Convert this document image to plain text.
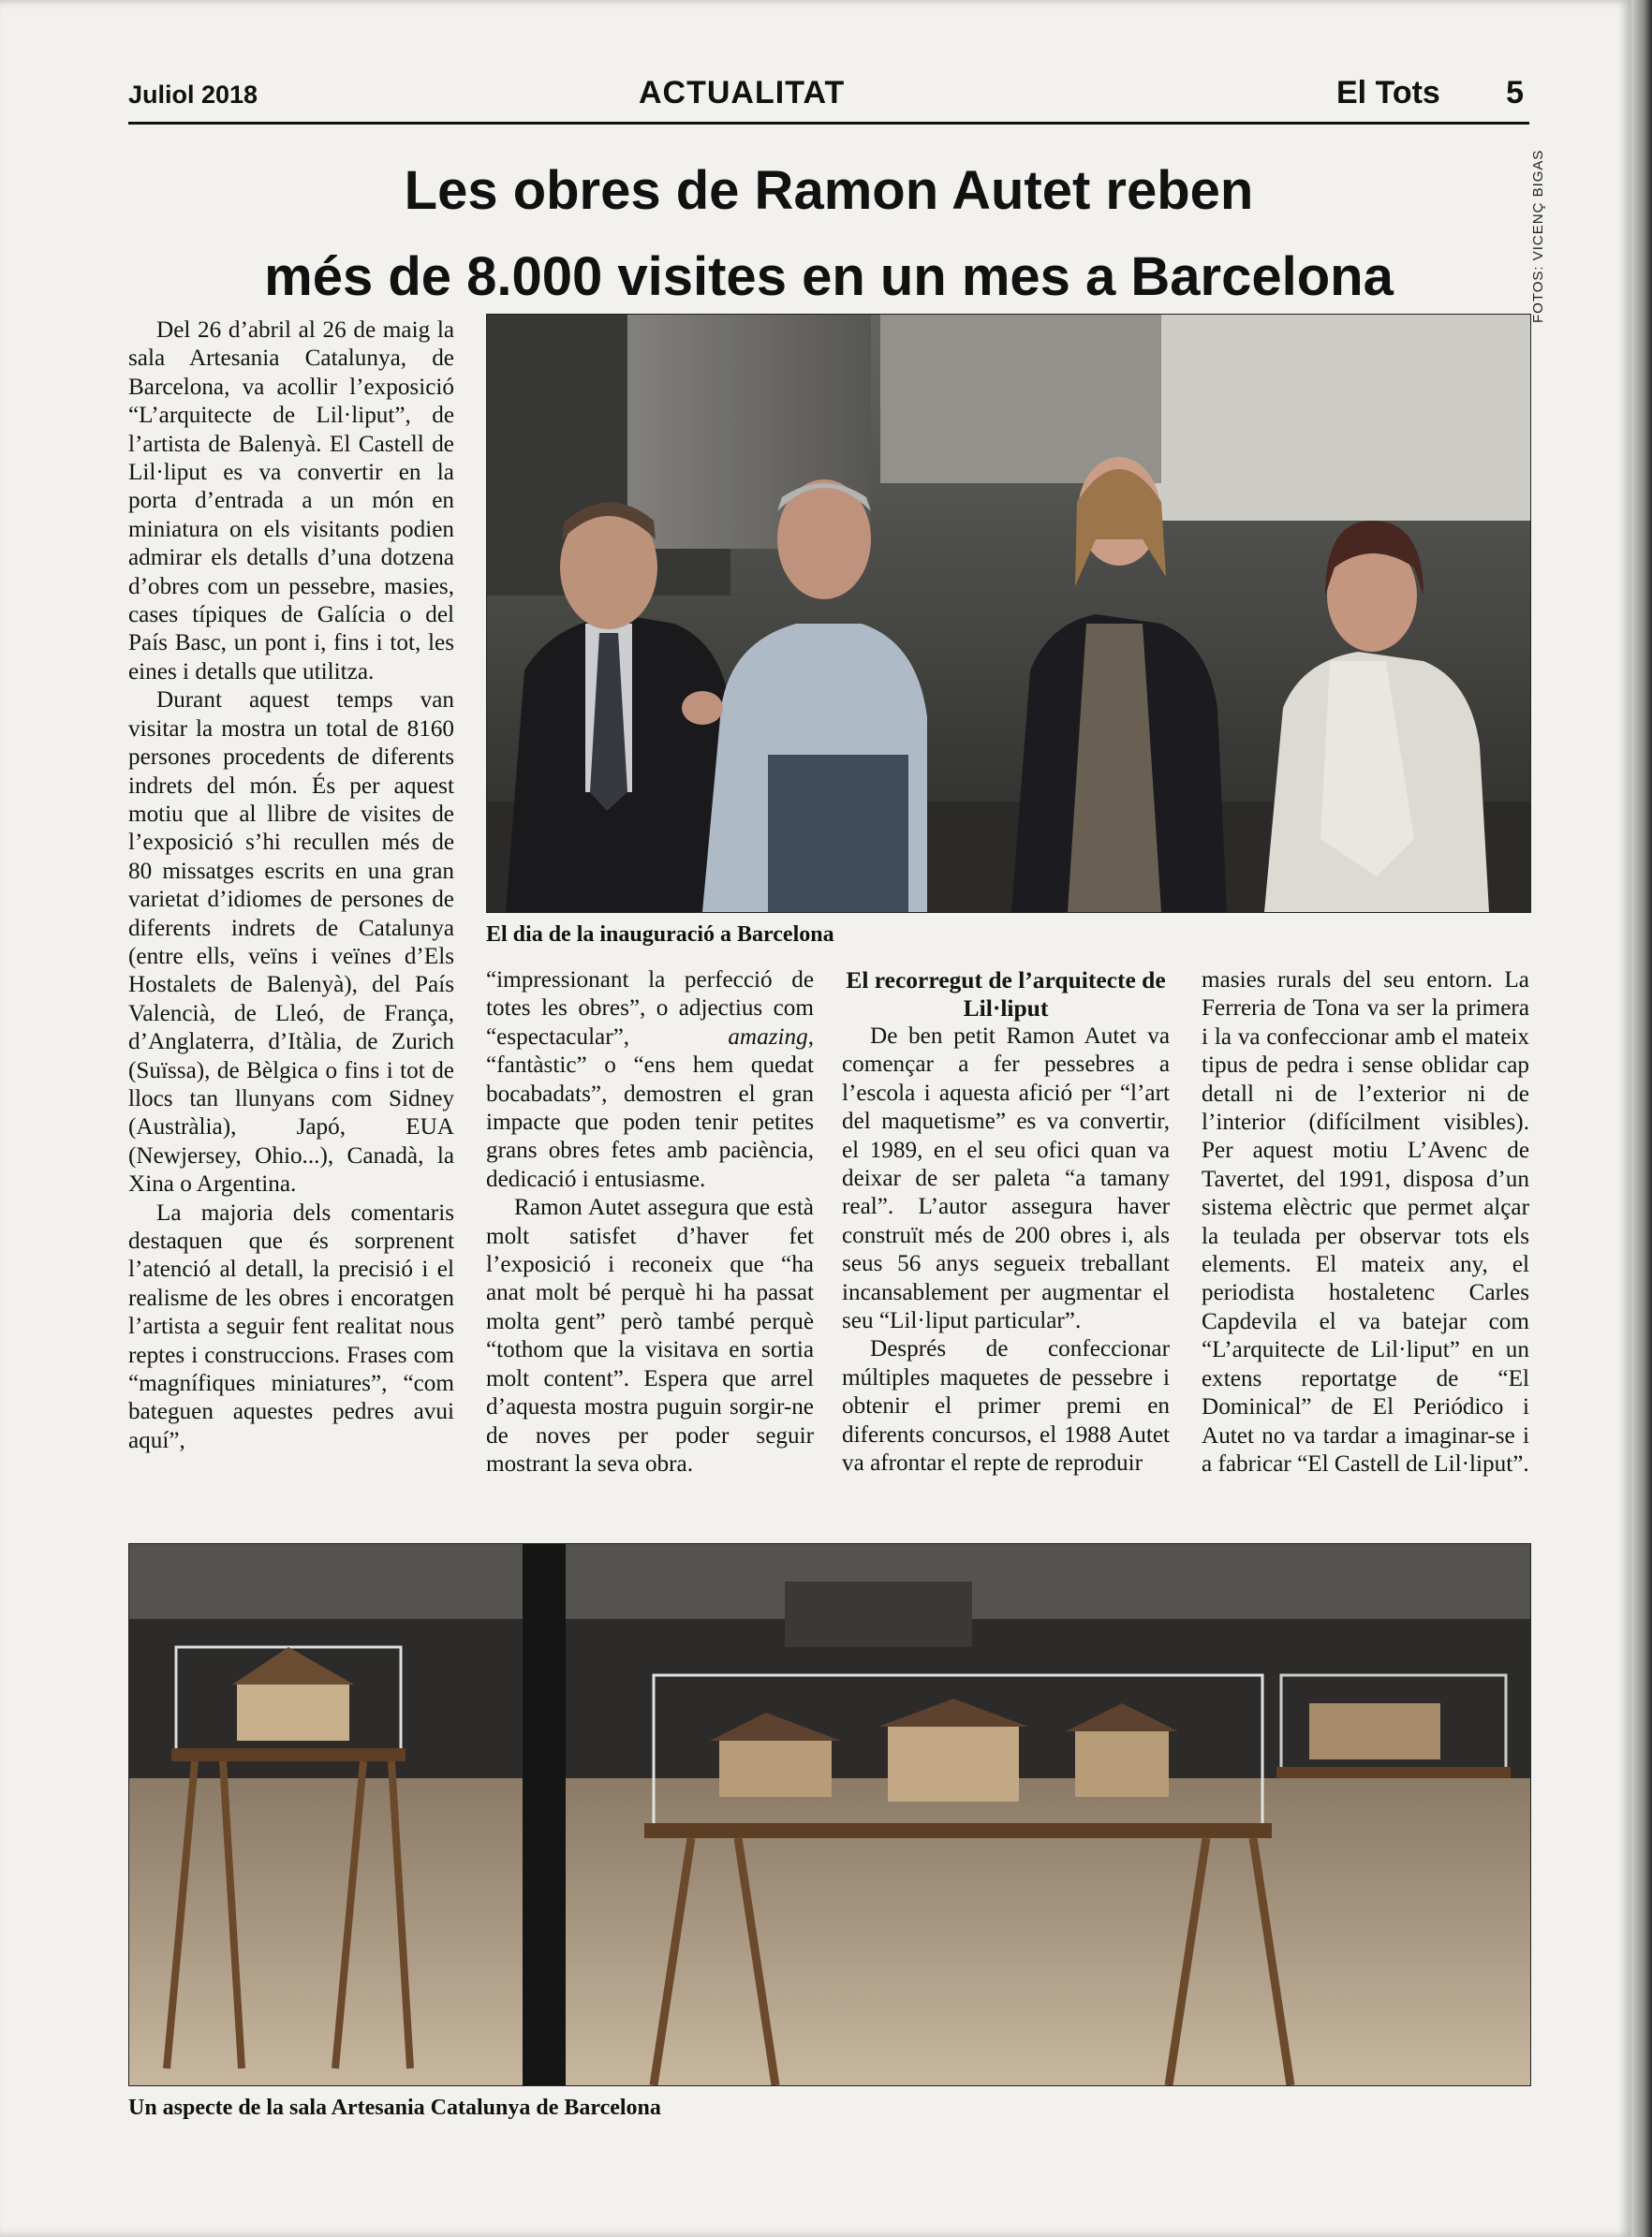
Juliol 2018	ACTUALITAT	El Tots 5
Les obres de Ramon Autet reben
més de 8.000 visites en un mes a Barcelona

Del 26 d’abril al 26 de maig la sala Artesania Catalunya, de Barcelona, va acollir l’exposició “L’arquitecte de Lil·liput”, de l’artista de Balenyà. El Castell de Lil·liput es va convertir en la porta d’entrada a un món en miniatura on els visitants podien admirar els detalls d’una dotzena d’obres com un pessebre, masies, cases típiques de Galícia o del País Basc, un pont i, fins i tot, les eines i detalls que utilitza.

Durant aquest temps van visitar la mostra un total de 8160 persones procedents de diferents indrets del món. És per aquest motiu que al llibre de visites de l’exposició s’hi recullen més de 80 missatges escrits en una gran varietat d’idiomes de persones de diferents indrets de Catalunya (entre ells, veïns i veïnes d’Els Hostalets de Balenyà), del País Valencià, de Lleó, de França, d’Anglaterra, d’Itàlia, de Zurich (Suïssa), de Bèlgica o fins i tot de llocs tan llunyans com Sidney (Austràlia), Japó, EUA (Newjersey, Ohio...), Canadà, la Xina o Argentina.

La majoria dels comentaris destaquen que és sorprenent l’atenció al detall, la precisió i el realisme de les obres i encoratgen l’artista a seguir fent realitat nous reptes i construccions. Frases com “magnífiques miniatures”, “com bateguen aquestes pedres avui aquí”,

FOTOS: VICENÇ BIGAS
El dia de la inauguració a Barcelona

“impressionant la perfecció de totes les obres”, o adjectius com “espectacular”, amazing, “fantàstic” o “ens hem quedat bocabadats”, demostren el gran impacte que poden tenir petites grans obres fetes amb paciència, dedicació i entusiasme.

Ramon Autet assegura que està molt satisfet d’haver fet l’exposició i reconeix que “ha anat molt bé perquè hi ha passat molta gent” però també perquè “tothom que la visitava en sortia molt content”. Espera que arrel d’aquesta mostra puguin sorgir-ne de noves per poder seguir mostrant la seva obra.

El recorregut de l’arquitecte de Lil·liput

De ben petit Ramon Autet va començar a fer pessebres a l’escola i aquesta afició per “l’art del maquetisme” es va convertir, el 1989, en el seu ofici quan va deixar de ser paleta “a tamany real”. L’autor assegura haver construït més de 200 obres i, als seus 56 anys segueix treballant incansablement per augmentar el seu “Lil·liput particular”.

Després de confeccionar múltiples maquetes de pessebre i obtenir el primer premi en diferents concursos, el 1988 Autet va afrontar el repte de reproduir

masies rurals del seu entorn. La Ferreria de Tona va ser la primera i la va confeccionar amb el mateix tipus de pedra i sense oblidar cap detall ni de l’exterior ni de l’interior (difícilment visibles). Per aquest motiu L’Avenc de Tavertet, del 1991, disposa d’un sistema elèctric que permet alçar la teulada per observar tots els elements. El mateix any, el periodista hostaletenc Carles Capdevila el va batejar com “L’arquitecte de Lil·liput” en un extens reportatge de “El Dominical” de El Periódico i Autet no va tardar a imaginar-se i a fabricar “El Castell de Lil·liput”.

Un aspecte de la sala Artesania Catalunya de Barcelona
